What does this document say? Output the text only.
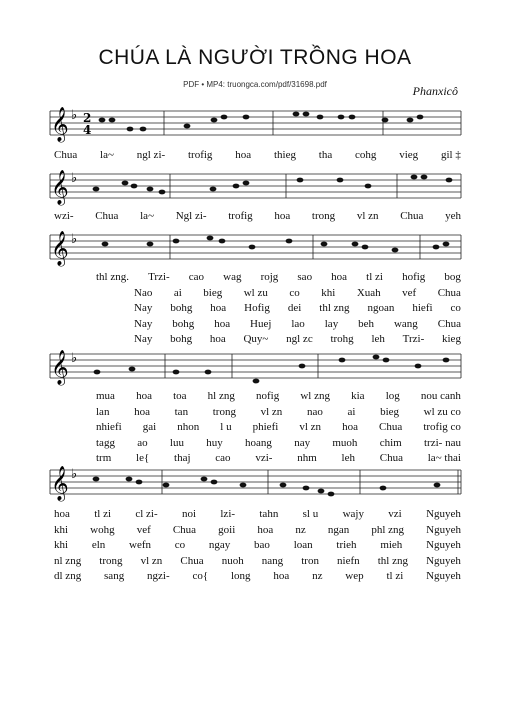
CHÚA LÀ NGƯỜI TRỒNG HOA
PDF • MP4: truongca.com/pdf/31698.pdf	Phanxicô
𝄞 ♭ 2
4
Chua la~ ngl zi- trofig hoa thieg tha cohg vieg gil ‡
𝄞 ♭
wzi- Chua la~ Ngl zi- trofig hoa trong vl zn Chua yeh
𝄞 ♭
thl zng. Trzi- cao wag rojg sao hoa tl zi hofig bog
Nao ai bieg wl zu co khi Xuah vef Chua
Nay bohg hoa Hofig dei thl zng ngoan hiefi co
Nay bohg hoa Huej lao lay beh wang Chua
Nay bohg hoa Quy~ ngl zc trohg leh Trzi- kieg
𝄞 ♭
mua hoa toa hl zng nofig wl zng kia log nou canh
lan hoa tan trong vl zn nao ai bieg wl zu co
nhiefi gai nhon l u phiefi vl zn hoa Chua trofig co
tagg ao luu huy hoang nay muoh chim trzi- nau
trm le{ thaj cao vzi- nhm leh Chua la~ thai
𝄞 ♭
hoa tl zi cl zi- noi lzi- tahn sl u wajy vzi Nguyeh
khi wohg vef Chua goii hoa nz ngan phl zng Nguyeh
khi eln wefn co ngay bao loan trieh mieh Nguyeh
nl zng trong vl zn Chua nuoh nang tron niefn thl zng Nguyeh
dl zng sang ngzi- co{ long hoa nz wep tl zi Nguyeh
